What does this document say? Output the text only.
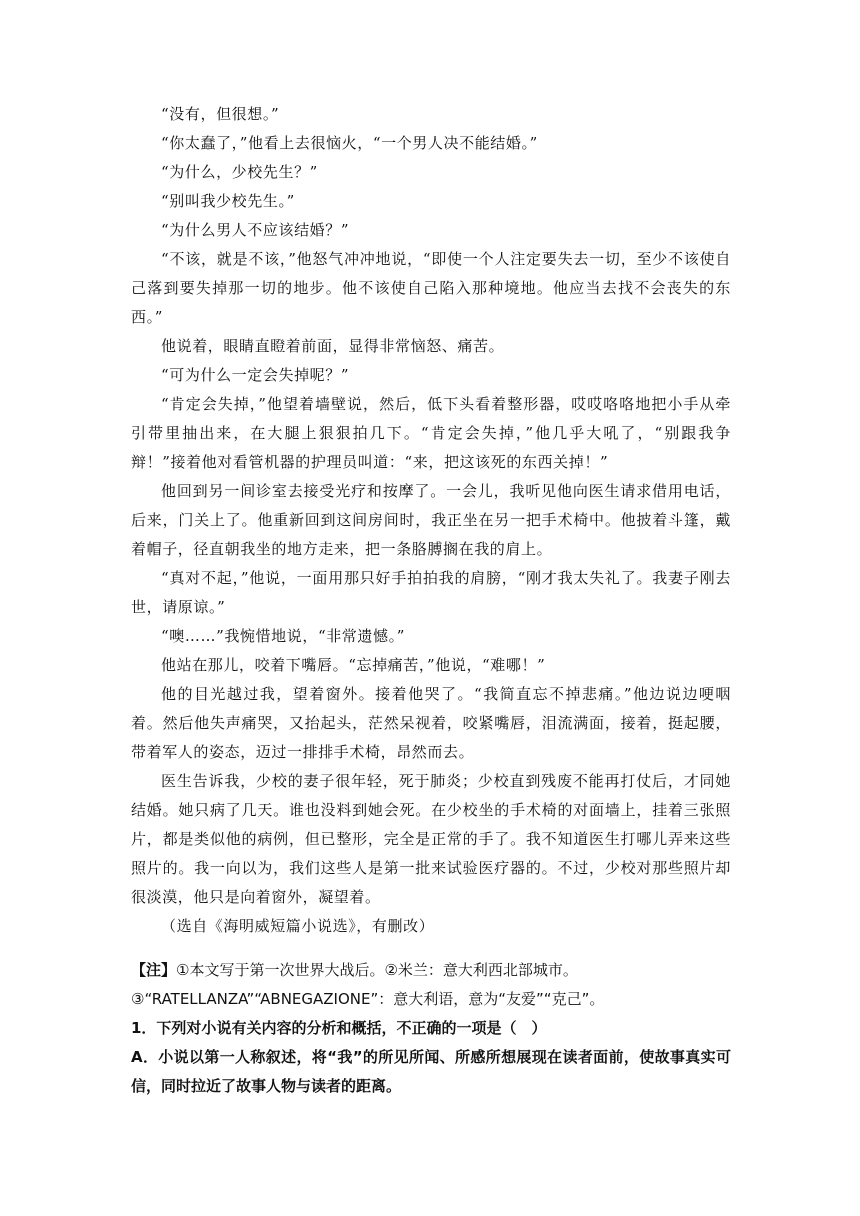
“没有，但很想。”

“你太蠢了，”他看上去很恼火，“一个男人决不能结婚。”

“为什么，少校先生？”

“别叫我少校先生。”

“为什么男人不应该结婚？”

“不该，就是不该，”他怒气冲冲地说，“即使一个人注定要失去一切，至少不该使自己落到要失掉那一切的地步。他不该使自己陷入那种境地。他应当去找不会丧失的东西。”

他说着，眼睛直瞪着前面，显得非常恼怒、痛苦。

“可为什么一定会失掉呢？”

“肯定会失掉，”他望着墙壁说，然后，低下头看着整形器，哎哎咯咯地把小手从牵引带里抽出来，在大腿上狠狠拍几下。“肯定会失掉，”他几乎大吼了，“别跟我争辩！”接着他对看管机器的护理员叫道：“来，把这该死的东西关掉！”

他回到另一间诊室去接受光疗和按摩了。一会儿，我听见他向医生请求借用电话，后来，门关上了。他重新回到这间房间时，我正坐在另一把手术椅中。他披着斗篷，戴着帽子，径直朝我坐的地方走来，把一条胳膊搁在我的肩上。

“真对不起，”他说，一面用那只好手拍拍我的肩膀，“刚才我太失礼了。我妻子刚去世，请原谅。”

“噢……”我惋惜地说，“非常遗憾。”

他站在那儿，咬着下嘴唇。“忘掉痛苦，”他说，“难哪！”

他的目光越过我，望着窗外。接着他哭了。“我简直忘不掉悲痛。”他边说边哽咽着。然后他失声痛哭，又抬起头，茫然呆视着，咬紧嘴唇，泪流满面，接着，挺起腰，带着军人的姿态，迈过一排排手术椅，昂然而去。

医生告诉我，少校的妻子很年轻，死于肺炎；少校直到残废不能再打仗后，才同她结婚。她只病了几天。谁也没料到她会死。在少校坐的手术椅的对面墙上，挂着三张照片，都是类似他的病例，但已整形，完全是正常的手了。我不知道医生打哪儿弄来这些照片的。我一向以为，我们这些人是第一批来试验医疗器的。不过，少校对那些照片却很淡漠，他只是向着窗外，凝望着。

（选自《海明威短篇小说选》，有删改）

【注】①本文写于第一次世界大战后。②米兰：意大利西北部城市。

③“RATELLANZA”“ABNEGAZIONE”：意大利语，意为“友爱”“克己”。

1．下列对小说有关内容的分析和概括，不正确的一项是（　）

A．小说以第一人称叙述，将“我”的所见所闻、所感所想展现在读者面前，使故事真实可信，同时拉近了故事人物与读者的距离。
